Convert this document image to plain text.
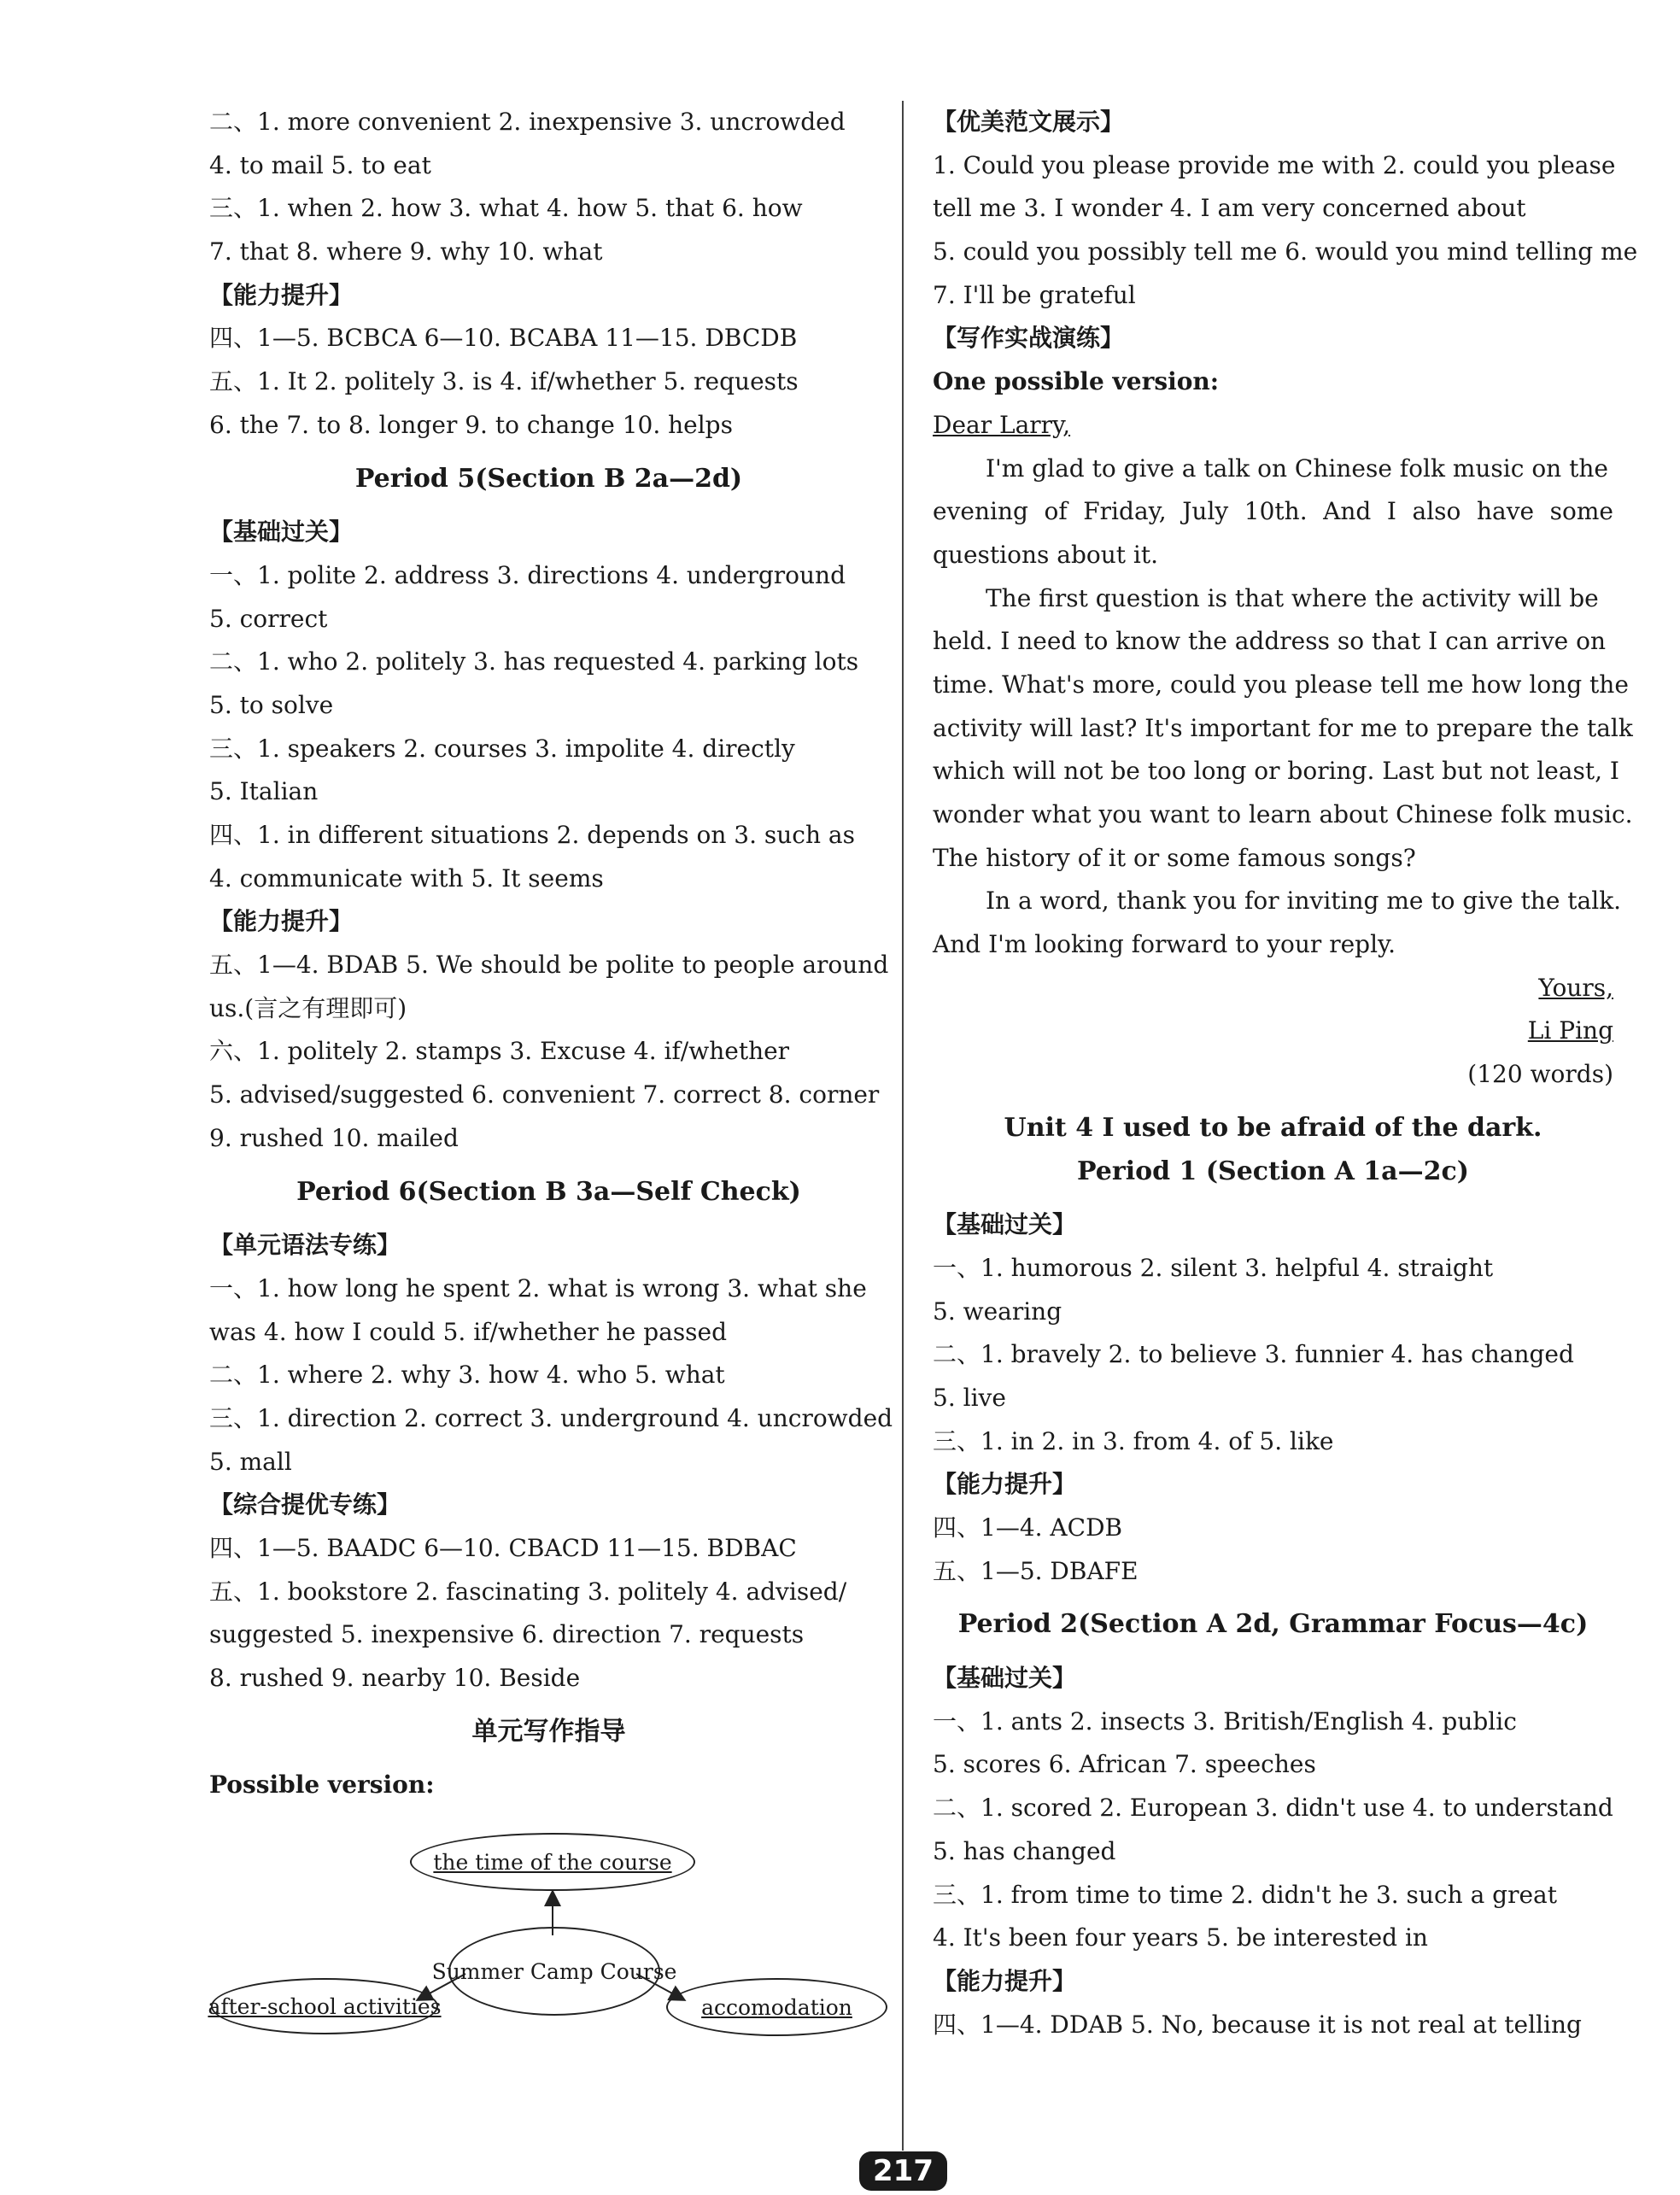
二、1. more convenient 2. inexpensive 3. uncrowded
4. to mail 5. to eat
三、1. when 2. how 3. what 4. how 5. that 6. how
7. that 8. where 9. why 10. what
【能力提升】
四、1—5. BCBCA 6—10. BCABA 11—15. DBCDB
五、1. It 2. politely 3. is 4. if/whether 5. requests
6. the 7. to 8. longer 9. to change 10. helps
Period 5(Section B 2a—2d)
【基础过关】
一、1. polite 2. address 3. directions 4. underground
5. correct
二、1. who 2. politely 3. has requested 4. parking lots
5. to solve
三、1. speakers 2. courses 3. impolite 4. directly
5. Italian
四、1. in different situations 2. depends on 3. such as
4. communicate with 5. It seems
【能力提升】
五、1—4. BDAB 5. We should be polite to people around
us.(言之有理即可)
六、1. politely 2. stamps 3. Excuse 4. if/whether
5. advised/suggested 6. convenient 7. correct 8. corner
9. rushed 10. mailed
Period 6(Section B 3a—Self Check)
【单元语法专练】
一、1. how long he spent 2. what is wrong 3. what she
was 4. how I could 5. if/whether he passed
二、1. where 2. why 3. how 4. who 5. what
三、1. direction 2. correct 3. underground 4. uncrowded
5. mall
【综合提优专练】
四、1—5. BAADC 6—10. CBACD 11—15. BDBAC
五、1. bookstore 2. fascinating 3. politely 4. advised/
suggested 5. inexpensive 6. direction 7. requests
8. rushed 9. nearby 10. Beside
单元写作指导
Possible version:
the time of the course
Summer Camp Course
after-school activities	accomodation
【优美范文展示】
1. Could you please provide me with 2. could you please
tell me 3. I wonder 4. I am very concerned about
5. could you possibly tell me 6. would you mind telling me
7. I'll be grateful
【写作实战演练】
One possible version:
Dear Larry,
I'm glad to give a talk on Chinese folk music on the
evening of Friday, July 10th. And I also have some
questions about it.
The first question is that where the activity will be
held. I need to know the address so that I can arrive on
time. What's more, could you please tell me how long the
activity will last? It's important for me to prepare the talk
which will not be too long or boring. Last but not least, I
wonder what you want to learn about Chinese folk music.
The history of it or some famous songs?
In a word, thank you for inviting me to give the talk.
And I'm looking forward to your reply.
Yours,
Li Ping
(120 words)
Unit 4 I used to be afraid of the dark.
Period 1 (Section A 1a—2c)
【基础过关】
一、1. humorous 2. silent 3. helpful 4. straight
5. wearing
二、1. bravely 2. to believe 3. funnier 4. has changed
5. live
三、1. in 2. in 3. from 4. of 5. like
【能力提升】
四、1—4. ACDB
五、1—5. DBAFE
Period 2(Section A 2d, Grammar Focus—4c)
【基础过关】
一、1. ants 2. insects 3. British/English 4. public
5. scores 6. African 7. speeches
二、1. scored 2. European 3. didn't use 4. to understand
5. has changed
三、1. from time to time 2. didn't he 3. such a great
4. It's been four years 5. be interested in
【能力提升】
四、1—4. DDAB 5. No, because it is not real at telling
217
